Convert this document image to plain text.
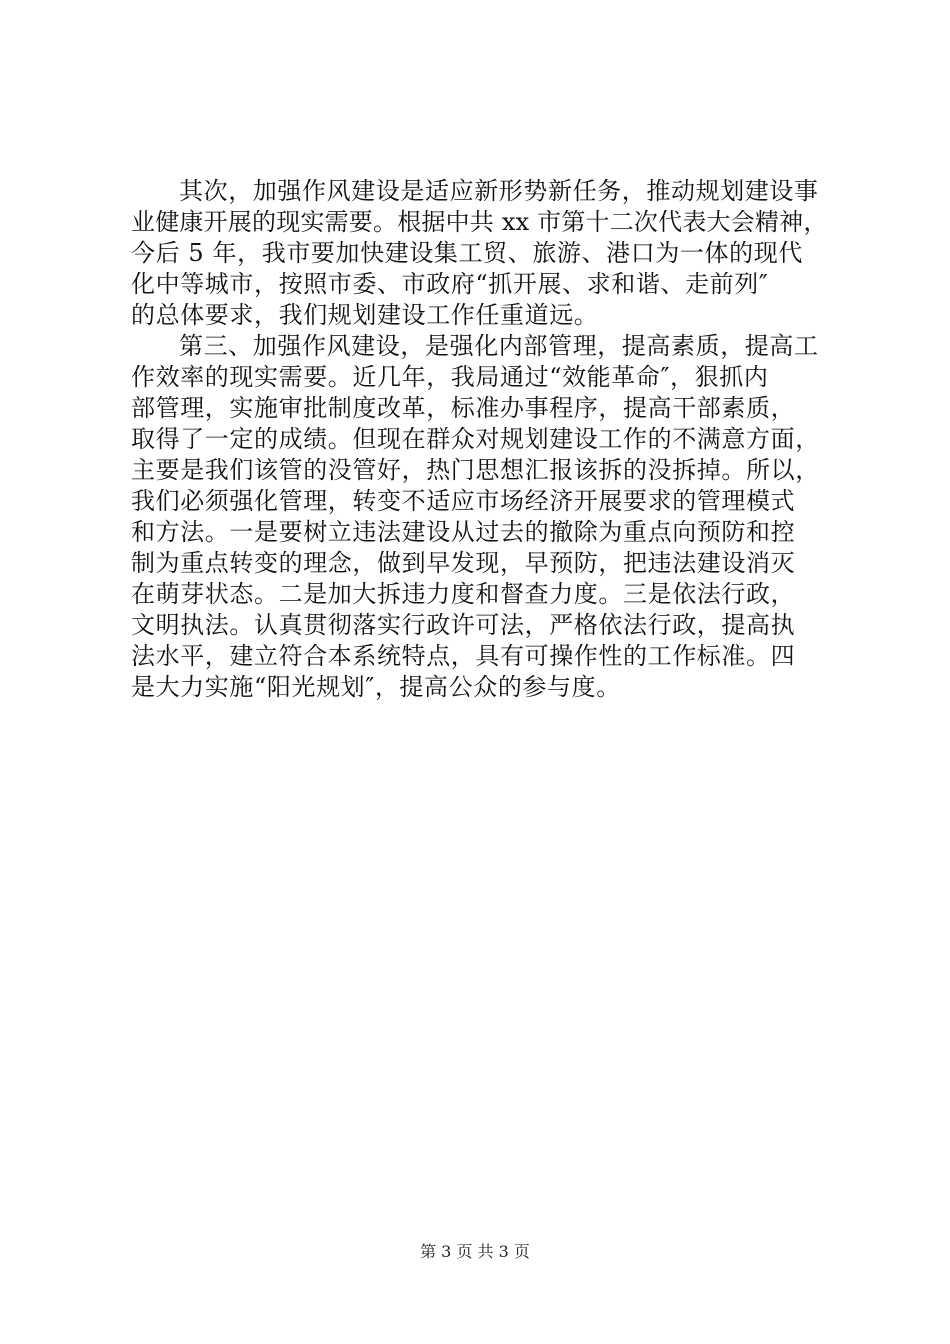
其次，加强作风建设是适应新形势新任务，推动规划建设事
业健康开展的现实需要。根据中共 xx 市第十二次代表大会精神，
今后 5 年，我市要加快建设集工贸、旅游、港口为一体的现代
化中等城市，按照市委、市政府“抓开展、求和谐、走前列″
的总体要求，我们规划建设工作任重道远。
第三、加强作风建设，是强化内部管理，提高素质，提高工
作效率的现实需要。近几年，我局通过“效能革命″，狠抓内
部管理，实施审批制度改革，标准办事程序，提高干部素质，
取得了一定的成绩。但现在群众对规划建设工作的不满意方面，
主要是我们该管的没管好，热门思想汇报该拆的没拆掉。所以，
我们必须强化管理，转变不适应市场经济开展要求的管理模式
和方法。一是要树立违法建设从过去的撤除为重点向预防和控
制为重点转变的理念，做到早发现，早预防，把违法建设消灭
在萌芽状态。二是加大拆违力度和督查力度。三是依法行政，
文明执法。认真贯彻落实行政许可法，严格依法行政，提高执
法水平，建立符合本系统特点，具有可操作性的工作标准。四
是大力实施“阳光规划″，提高公众的参与度。
第 3 页 共 3 页
